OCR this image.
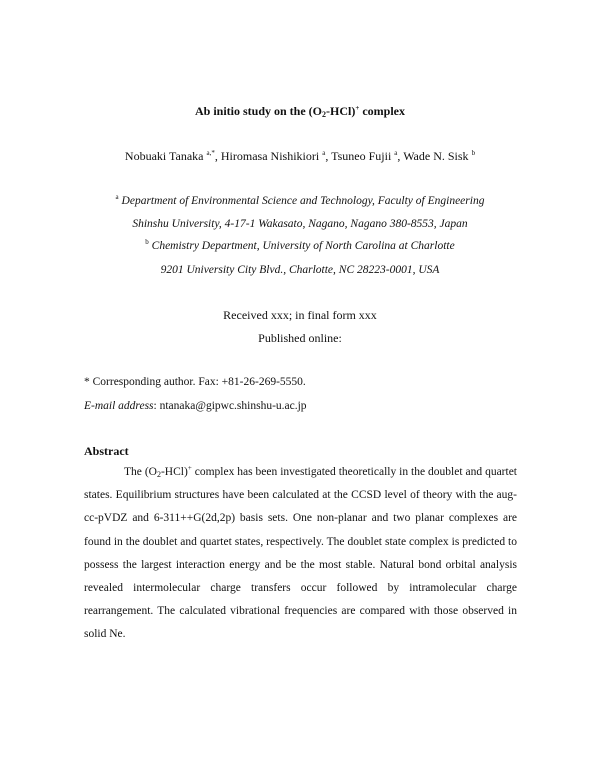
Ab initio study on the $(O_2-HCl)^+$ complex
Nobuaki Tanaka $^{a,*}$, Hiromasa Nishikiori $^a$, Tsuneo Fujii $^a$, Wade N. Sisk $^b$
$^a$ Department of Environmental Science and Technology, Faculty of Engineering
Shinshu University, 4-17-1 Wakasato, Nagano, Nagano 380-8553, Japan
$^b$ Chemistry Department, University of North Carolina at Charlotte
9201 University City Blvd., Charlotte, NC 28223-0001, USA
Received xxx; in final form xxx
Published online:
* Corresponding author. Fax: +81-26-269-5550.
E-mail address: ntanaka@gipwc.shinshu-u.ac.jp
Abstract

The $(O_2-HCl)^+$ complex has been investigated theoretically in the doublet and quartet states. Equilibrium structures have been calculated at the CCSD level of theory with the aug-cc-pVDZ and 6-311++G(2d,2p) basis sets. One non-planar and two planar complexes are found in the doublet and quartet states, respectively. The doublet state complex is predicted to possess the largest interaction energy and be the most stable. Natural bond orbital analysis revealed intermolecular charge transfers occur followed by intramolecular charge rearrangement. The calculated vibrational frequencies are compared with those observed in solid Ne.
